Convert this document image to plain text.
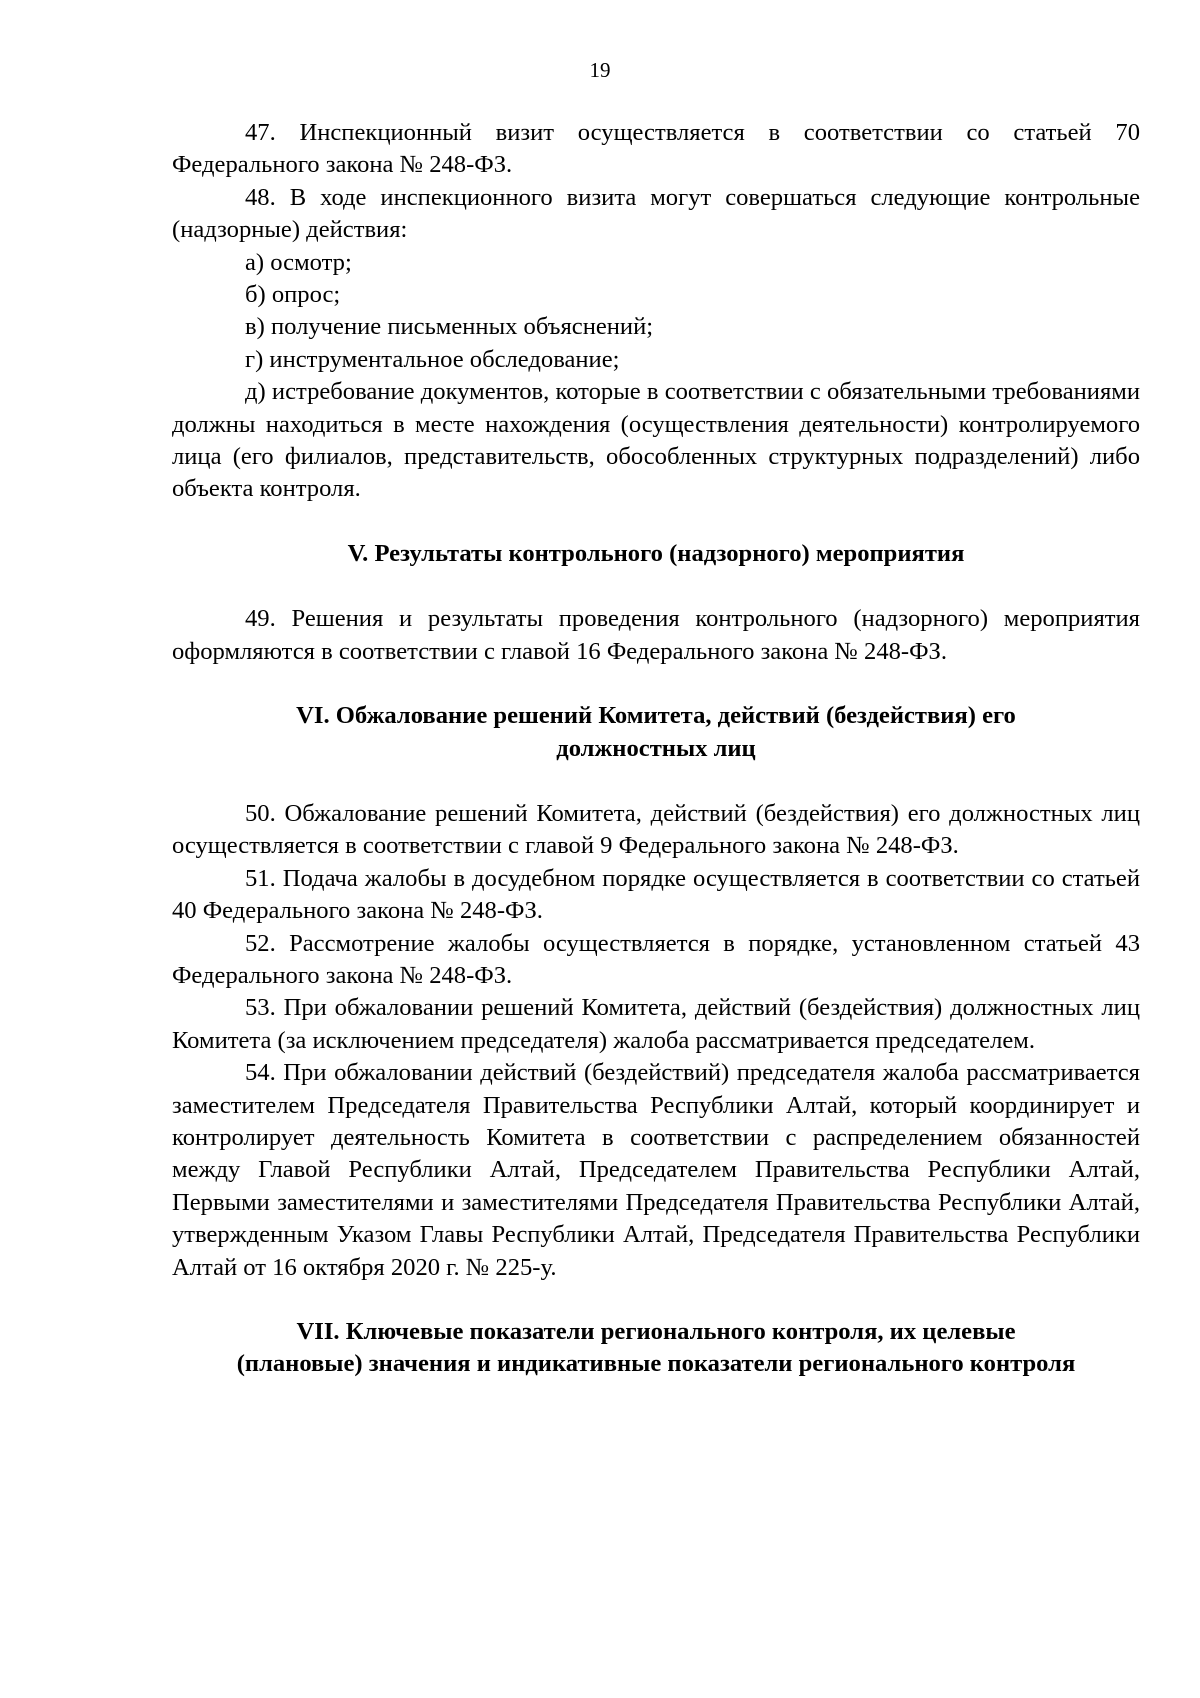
19

47. Инспекционный визит осуществляется в соответствии со статьей 70 Федерального закона № 248-ФЗ.

48. В ходе инспекционного визита могут совершаться следующие контрольные (надзорные) действия:

а) осмотр;

б) опрос;

в) получение письменных объяснений;

г) инструментальное обследование;

д) истребование документов, которые в соответствии с обязательными требованиями должны находиться в месте нахождения (осуществления деятельности) контролируемого лица (его филиалов, представительств, обособленных структурных подразделений) либо объекта контроля.

V. Результаты контрольного (надзорного) мероприятия

49. Решения и результаты проведения контрольного (надзорного) мероприятия оформляются в соответствии с главой 16 Федерального закона № 248-ФЗ.

VI. Обжалование решений Комитета, действий (бездействия) его
должностных лиц

50. Обжалование решений Комитета, действий (бездействия) его должностных лиц осуществляется в соответствии с главой 9 Федерального закона № 248-ФЗ.

51. Подача жалобы в досудебном порядке осуществляется в соответствии со статьей 40 Федерального закона № 248-ФЗ.

52. Рассмотрение жалобы осуществляется в порядке, установленном статьей 43 Федерального закона № 248-ФЗ.

53. При обжаловании решений Комитета, действий (бездействия) должностных лиц Комитета (за исключением председателя) жалоба рассматривается председателем.

54. При обжаловании действий (бездействий) председателя жалоба рассматривается заместителем Председателя Правительства Республики Алтай, который координирует и контролирует деятельность Комитета в соответствии с распределением обязанностей между Главой Республики Алтай, Председателем Правительства Республики Алтай, Первыми заместителями и заместителями Председателя Правительства Республики Алтай, утвержденным Указом Главы Республики Алтай, Председателя Правительства Республики Алтай от 16 октября 2020 г. № 225-у.

VII. Ключевые показатели регионального контроля, их целевые
(плановые) значения и индикативные показатели регионального контроля
